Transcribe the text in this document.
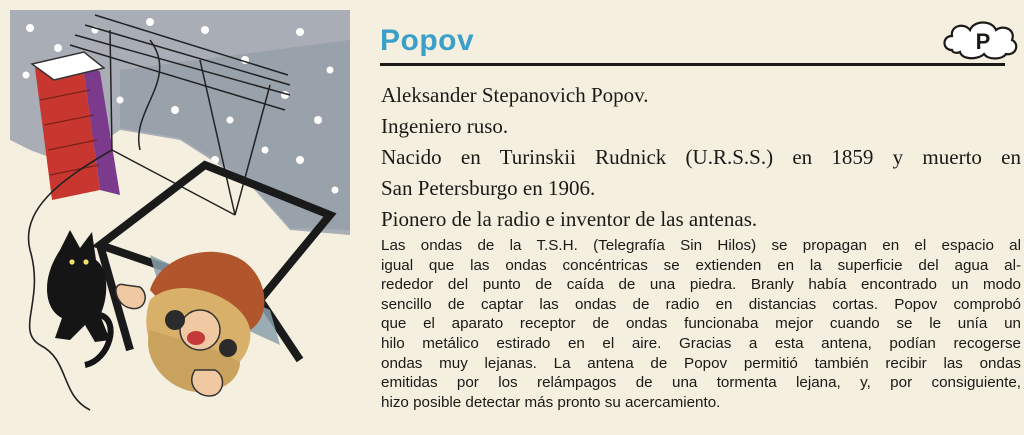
Popov	P
Aleksander Stepanovich Popov.
Ingeniero ruso.
Nacido en Turinskii Rudnick (U.R.S.S.) en 1859 y muerto en
San Petersburgo en 1906.
Pionero de la radio e inventor de las antenas.
Las ondas de la T.S.H. (Telegrafía Sin Hilos) se propagan en el espacio al
igual que las ondas concéntricas se extienden en la superficie del agua al-
rededor del punto de caída de una piedra. Branly había encontrado un modo
sencillo de captar las ondas de radio en distancias cortas. Popov comprobó
que el aparato receptor de ondas funcionaba mejor cuando se le unía un
hilo metálico estirado en el aire. Gracias a esta antena, podían recogerse
ondas muy lejanas. La antena de Popov permitió también recibir las ondas
emitidas por los relámpagos de una tormenta lejana, y, por consiguiente,
hizo posible detectar más pronto su acercamiento.
